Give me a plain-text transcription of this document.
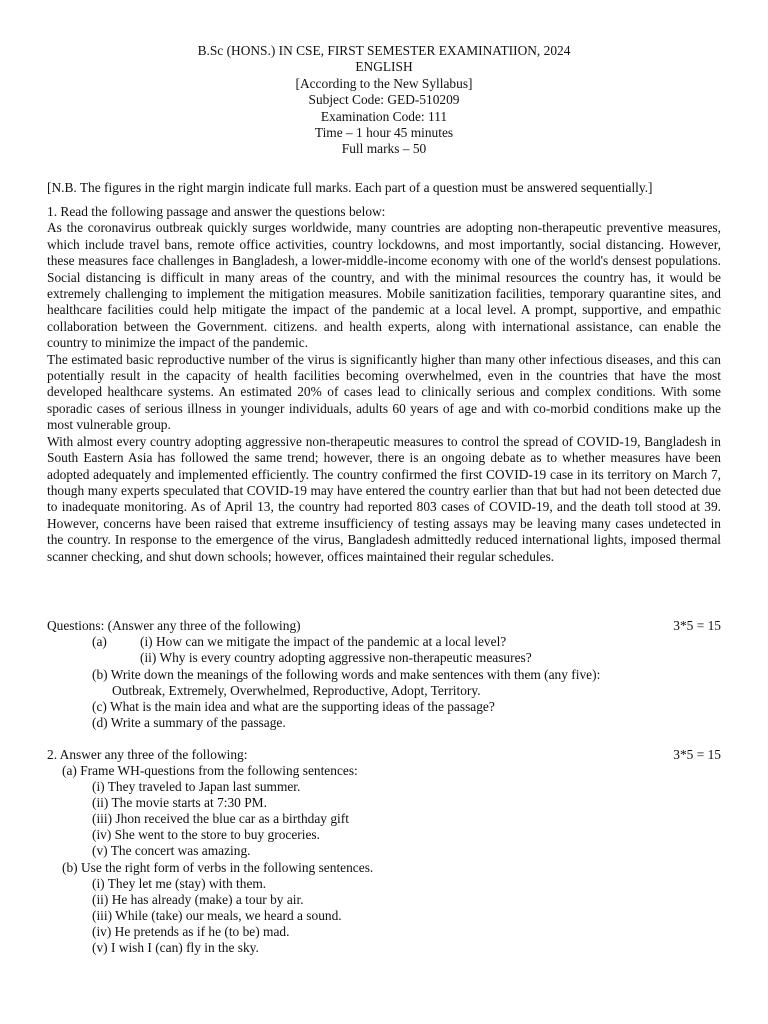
B.Sc (HONS.) IN CSE, FIRST SEMESTER EXAMINATIION, 2024
ENGLISH
[According to the New Syllabus]
Subject Code: GED-510209
Examination Code: 111
Time – 1 hour 45 minutes
Full marks – 50
[N.B. The figures in the right margin indicate full marks. Each part of a question must be answered sequentially.]
1. Read the following passage and answer the questions below:

As the coronavirus outbreak quickly surges worldwide, many countries are adopting non-therapeutic preventive measures, which include travel bans, remote office activities, country lockdowns, and most importantly, social distancing. However, these measures face challenges in Bangladesh, a lower-middle-income economy with one of the world's densest populations. Social distancing is difficult in many areas of the country, and with the minimal resources the country has, it would be extremely challenging to implement the mitigation measures. Mobile sanitization facilities, temporary quarantine sites, and healthcare facilities could help mitigate the impact of the pandemic at a local level. A prompt, supportive, and empathic collaboration between the Government. citizens. and health experts, along with international assistance, can enable the country to minimize the impact of the pandemic.

The estimated basic reproductive number of the virus is significantly higher than many other infectious diseases, and this can potentially result in the capacity of health facilities becoming overwhelmed, even in the countries that have the most developed healthcare systems. An estimated 20% of cases lead to clinically serious and complex conditions. With some sporadic cases of serious illness in younger individuals, adults 60 years of age and with co-morbid conditions make up the most vulnerable group.

With almost every country adopting aggressive non-therapeutic measures to control the spread of COVID-19, Bangladesh in South Eastern Asia has followed the same trend; however, there is an ongoing debate as to whether measures have been adopted adequately and implemented efficiently. The country confirmed the first COVID-19 case in its territory on March 7, though many experts speculated that COVID-19 may have entered the country earlier than that but had not been detected due to inadequate monitoring. As of April 13, the country had reported 803 cases of COVID-19, and the death toll stood at 39. However, concerns have been raised that extreme insufficiency of testing assays may be leaving many cases undetected in the country. In response to the emergence of the virus, Bangladesh admittedly reduced international lights, imposed thermal scanner checking, and shut down schools; however, offices maintained their regular schedules.

Questions: (Answer any three of the following)	3*5 = 15
(a) (i) How can we mitigate the impact of the pandemic at a local level?
(ii) Why is every country adopting aggressive non-therapeutic measures?
(b) Write down the meanings of the following words and make sentences with them (any five):
Outbreak, Extremely, Overwhelmed, Reproductive, Adopt, Territory.
(c) What is the main idea and what are the supporting ideas of the passage?
(d) Write a summary of the passage.
2. Answer any three of the following:	3*5 = 15
(a) Frame WH-questions from the following sentences:
(i) They traveled to Japan last summer.
(ii) The movie starts at 7:30 PM.
(iii) Jhon received the blue car as a birthday gift
(iv) She went to the store to buy groceries.
(v) The concert was amazing.
(b) Use the right form of verbs in the following sentences.
(i) They let me (stay) with them.
(ii) He has already (make) a tour by air.
(iii) While (take) our meals, we heard a sound.
(iv) He pretends as if he (to be) mad.
(v) I wish I (can) fly in the sky.
